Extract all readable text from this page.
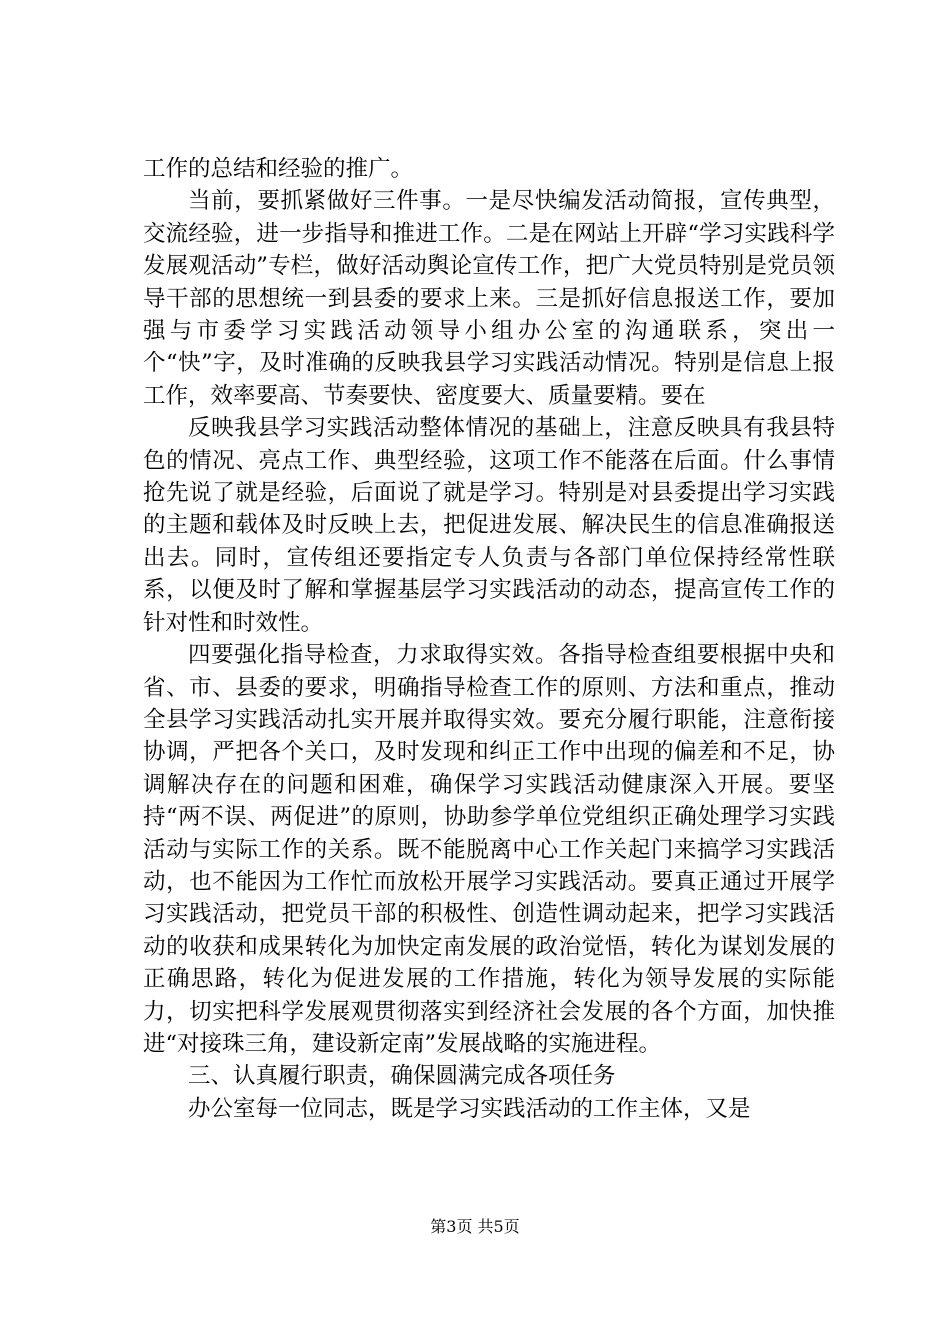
工作的总结和经验的推广。

当前，要抓紧做好三件事。一是尽快编发活动简报，宣传典型，交流经验，进一步指导和推进工作。二是在网站上开辟“学习实践科学发展观活动”专栏，做好活动舆论宣传工作，把广大党员特别是党员领导干部的思想统一到县委的要求上来。三是抓好信息报送工作，要加强与市委学习实践活动领导小组办公室的沟通联系，突出一个“快”字，及时准确的反映我县学习实践活动情况。特别是信息上报工作，效率要高、节奏要快、密度要大、质量要精。要在

反映我县学习实践活动整体情况的基础上，注意反映具有我县特色的情况、亮点工作、典型经验，这项工作不能落在后面。什么事情抢先说了就是经验，后面说了就是学习。特别是对县委提出学习实践的主题和载体及时反映上去，把促进发展、解决民生的信息准确报送出去。同时，宣传组还要指定专人负责与各部门单位保持经常性联系，以便及时了解和掌握基层学习实践活动的动态，提高宣传工作的针对性和时效性。

四要强化指导检查，力求取得实效。各指导检查组要根据中央和省、市、县委的要求，明确指导检查工作的原则、方法和重点，推动全县学习实践活动扎实开展并取得实效。要充分履行职能，注意衔接协调，严把各个关口，及时发现和纠正工作中出现的偏差和不足，协调解决存在的问题和困难，确保学习实践活动健康深入开展。要坚持“两不误、两促进”的原则，协助参学单位党组织正确处理学习实践活动与实际工作的关系。既不能脱离中心工作关起门来搞学习实践活动，也不能因为工作忙而放松开展学习实践活动。要真正通过开展学习实践活动，把党员干部的积极性、创造性调动起来，把学习实践活动的收获和成果转化为加快定南发展的政治觉悟，转化为谋划发展的正确思路，转化为促进发展的工作措施，转化为领导发展的实际能力，切实把科学发展观贯彻落实到经济社会发展的各个方面，加快推进“对接珠三角，建设新定南”发展战略的实施进程。

三、认真履行职责，确保圆满完成各项任务

办公室每一位同志，既是学习实践活动的工作主体，又是

第3页 共5页
